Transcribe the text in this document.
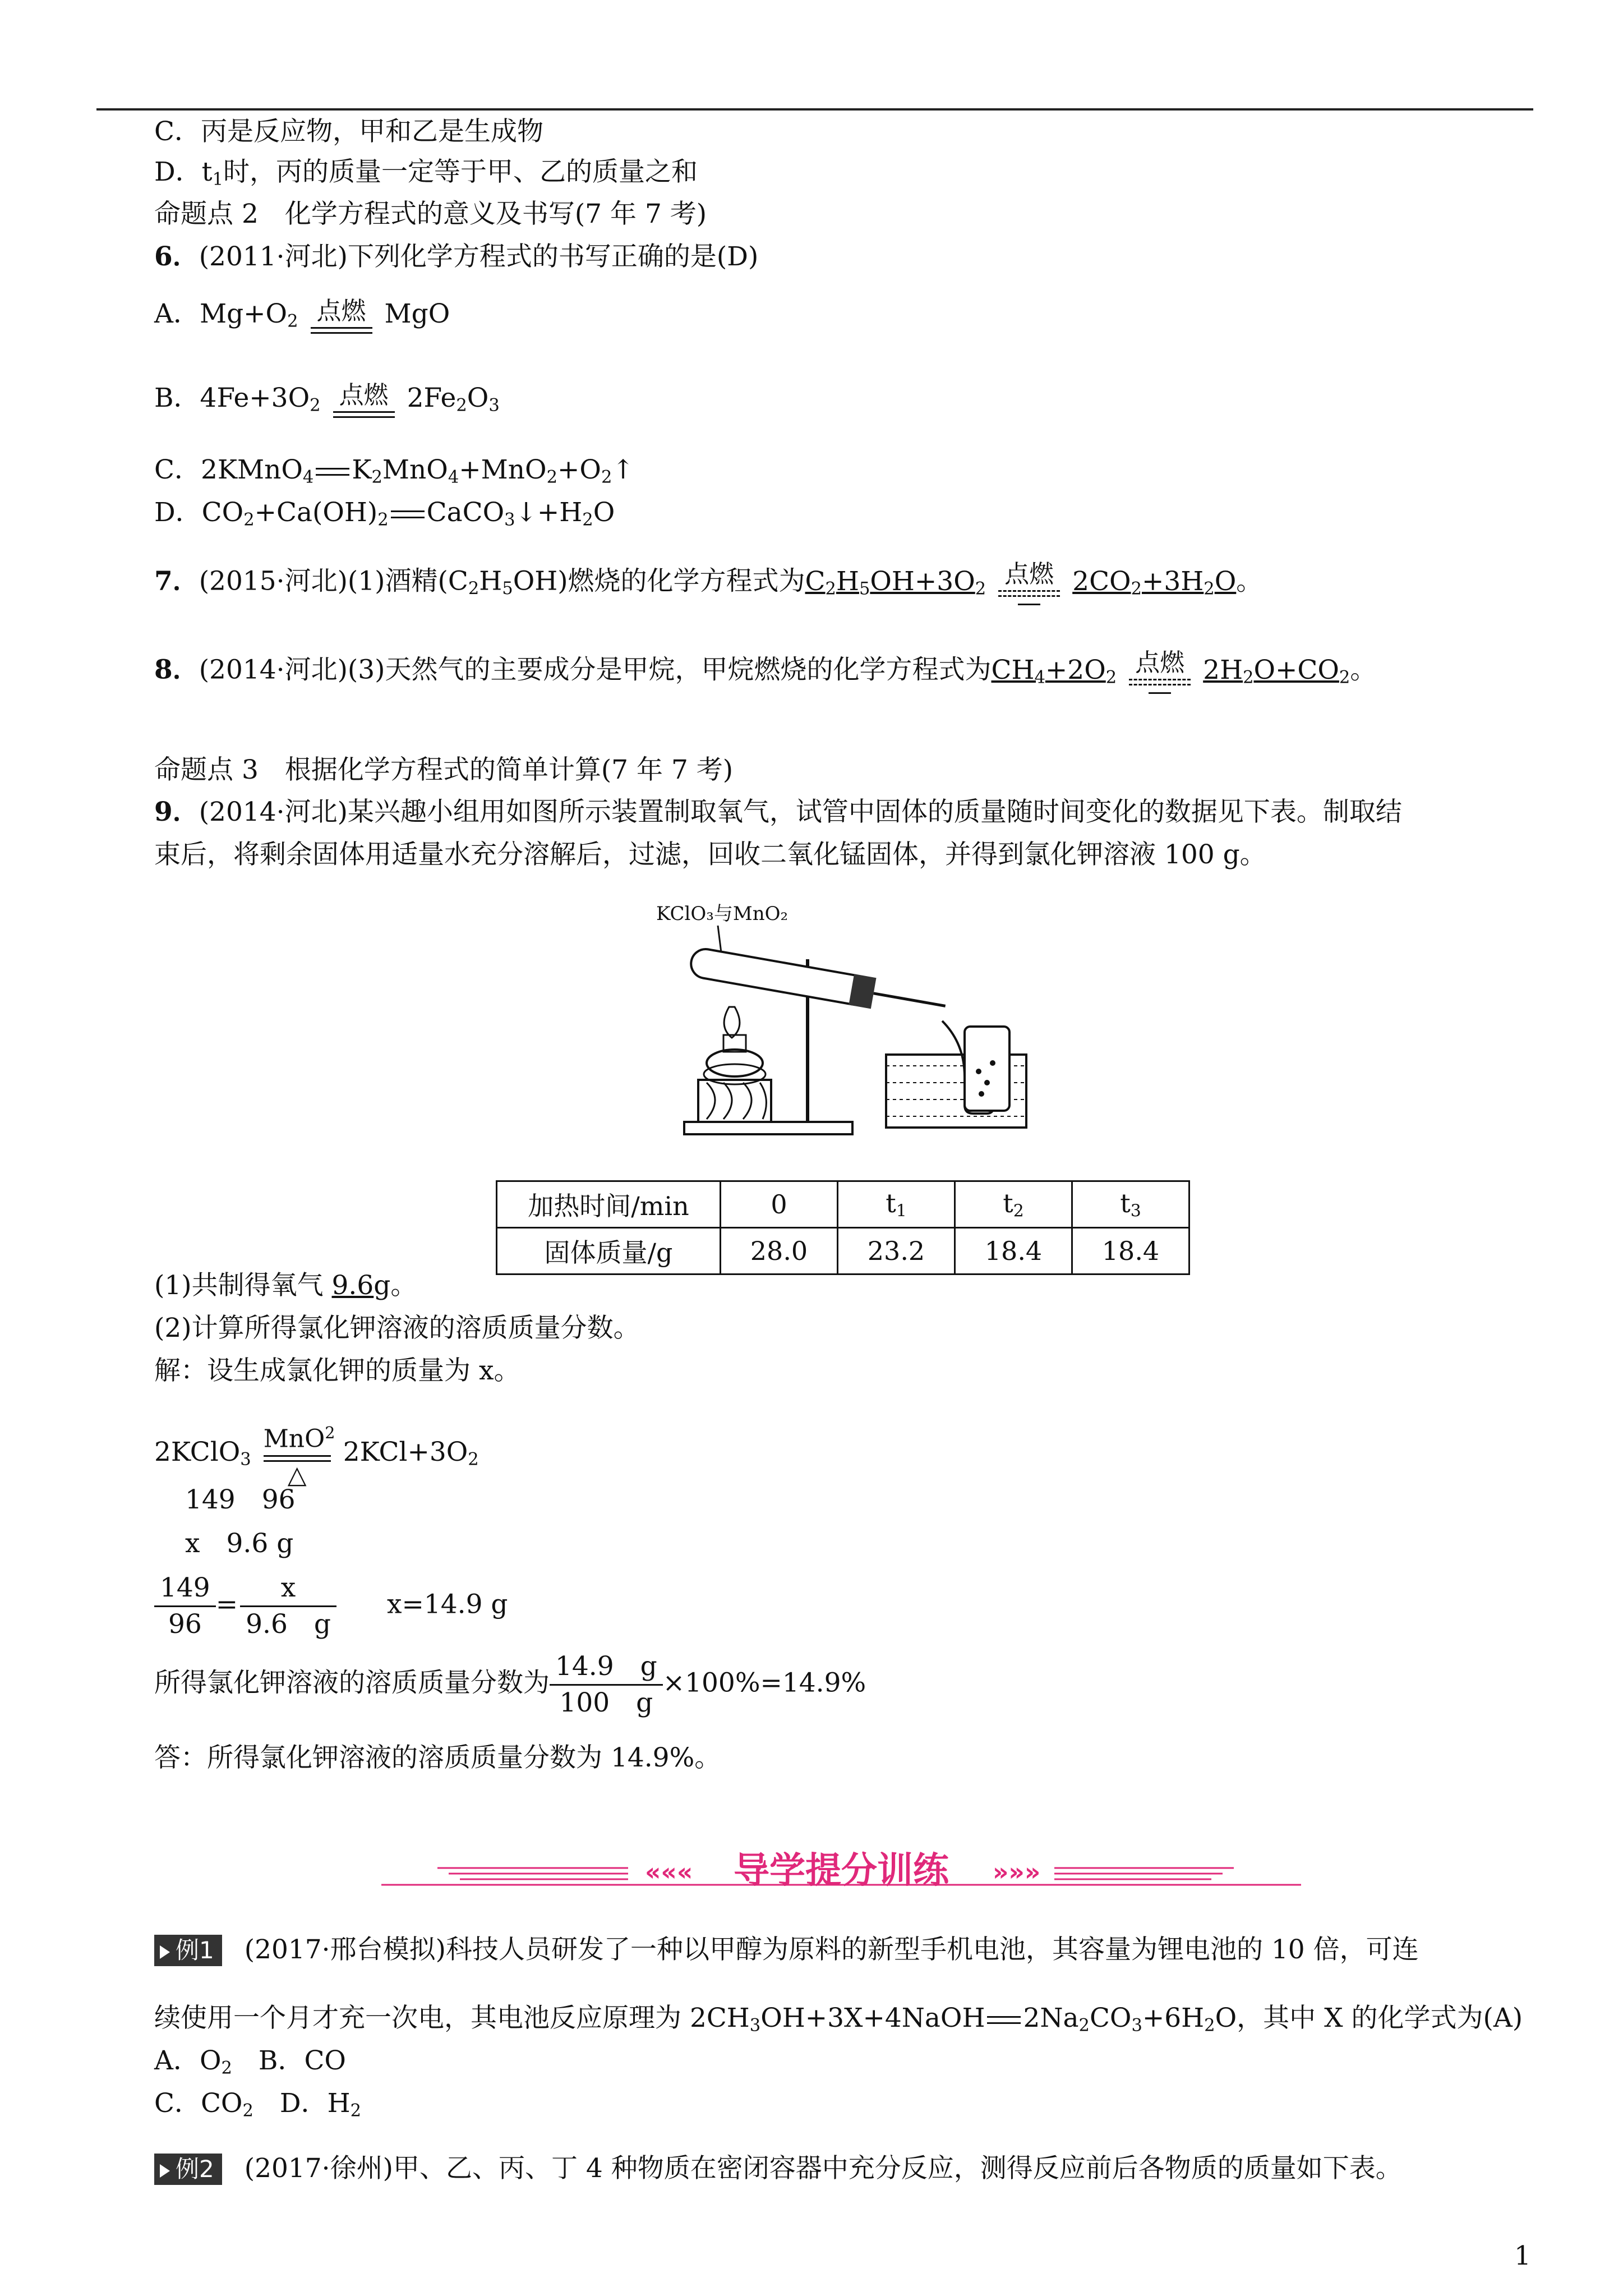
C．丙是反应物，甲和乙是生成物
D．$t_1$时，丙的质量一定等于甲、乙的质量之和
命题点 2　化学方程式的意义及书写(7 年 7 考)
6．(2011·河北)下列化学方程式的书写正确的是(D)
A．$Mg+O_2$ 点燃 MgO
B．$4Fe+3O_2$ 点燃 $2Fe_2O_3$
C．2KMnO$_4$ $K_2MnO_4+MnO_2+O_2↑$
D．$CO_2+Ca(OH)_2$ $CaCO_3↓+H_2O$
7．(2015·河北)(1)酒精$(C_2H_5OH)$燃烧的化学方程式为$C_2H_5OH+3O_2$
点燃 $2CO_2+3H_2O$。
8．(2014·河北)(3)天然气的主要成分是甲烷，甲烷燃烧的化学方程式为$CH_4+2O_2$
点燃 $2H_2O+CO_2$。
命题点 3　根据化学方程式的简单计算(7 年 7 考)
9．(2014·河北)某兴趣小组用如图所示装置制取氧气，试管中固体的质量随时间变化的数据见下表。制取结
束后，将剩余固体用适量水充分溶解后，过滤，回收二氧化锰固体，并得到氯化钾溶液 100 g。
KClO₃与MnO₂
加热时间/min	0	$t_1$	$t_2$	$t_3$
固体质量/g	28.0	23.2	18.4	18.4
(1)共制得氧气 9.6g。
(2)计算所得氯化钾溶液的溶质质量分数。
解：设生成氯化钾的质量为 x。
2KClO$_3$
MnO$^2$
△
$2KCl+3O_2$
149　96
x　9.6 g
$\frac{149}{96} = \frac{x}{9.6 g} x=14.9$ g
所得氯化钾溶液的溶质质量分数为 $\frac{14.9 g}{100 g} \times 100\%=14.9\%$
答：所得氯化钾溶液的溶质质量分数为 14.9%。
««« 导学提分训练 »»»
例1 (2017·邢台模拟)科技人员研发了一种以甲醇为原料的新型手机电池，其容量为锂电池的 10 倍，可连
续使用一个月才充一次电，其电池反应原理为 $2CH_3OH+3X+4NaOH$ $2Na_2CO_3+6H_2O$，其中 X 的化学式为(A)
A．$O_2$　 B．CO
C．$CO_2$　 D．$H_2$
例2 (2017·徐州)甲、乙、丙、丁 4 种物质在密闭容器中充分反应，测得反应前后各物质的质量如下表。
1
